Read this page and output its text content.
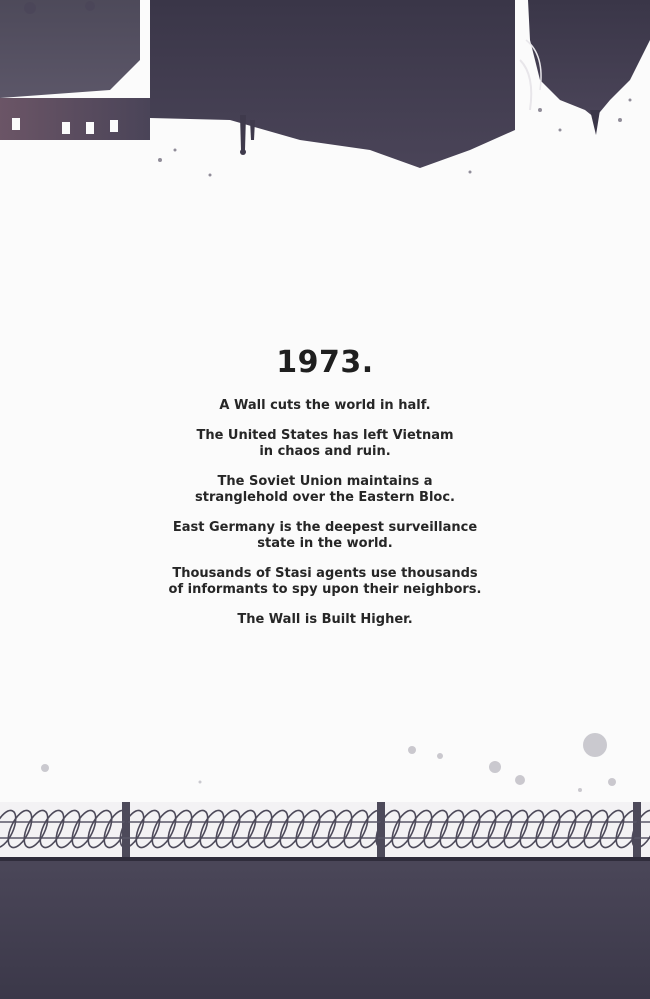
1973.

A Wall cuts the world in half.

The United States has left Vietnam
in chaos and ruin.

The Soviet Union maintains a
stranglehold over the Eastern Bloc.

East Germany is the deepest surveillance
state in the world.

Thousands of Stasi agents use thousands
of informants to spy upon their neighbors.

The Wall is Built Higher.
